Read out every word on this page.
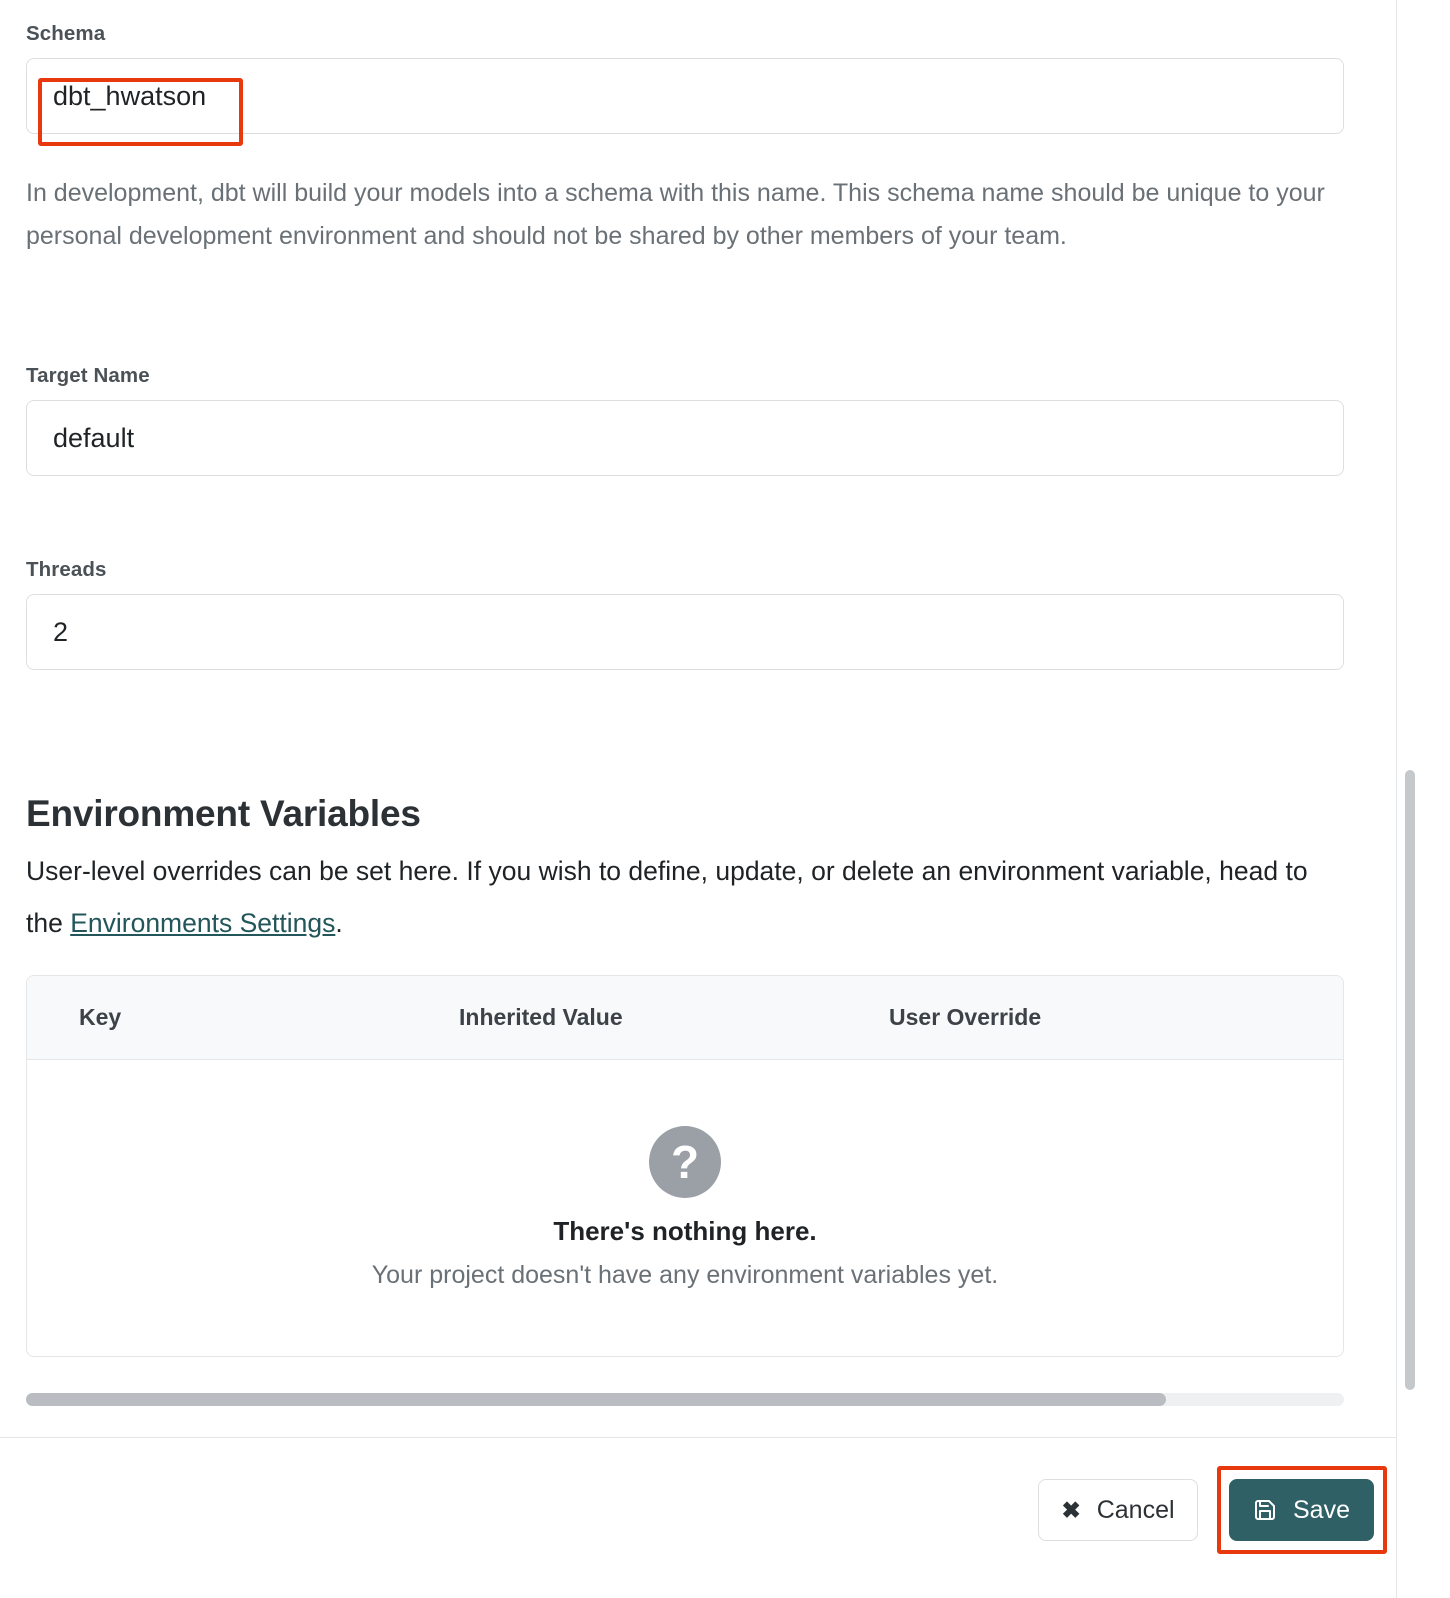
Schema
dbt_hwatson
In development, dbt will build your models into a schema with this name. This schema name should be unique to your personal development environment and should not be shared by other members of your team.
Target Name
default
Threads
2
Environment Variables
User-level overrides can be set here. If you wish to define, update, or delete an environment variable, head to the Environments Settings.
Key	Inherited Value	User Override
?
There's nothing here.
Your project doesn't have any environment variables yet.
✖ Cancel	Save
